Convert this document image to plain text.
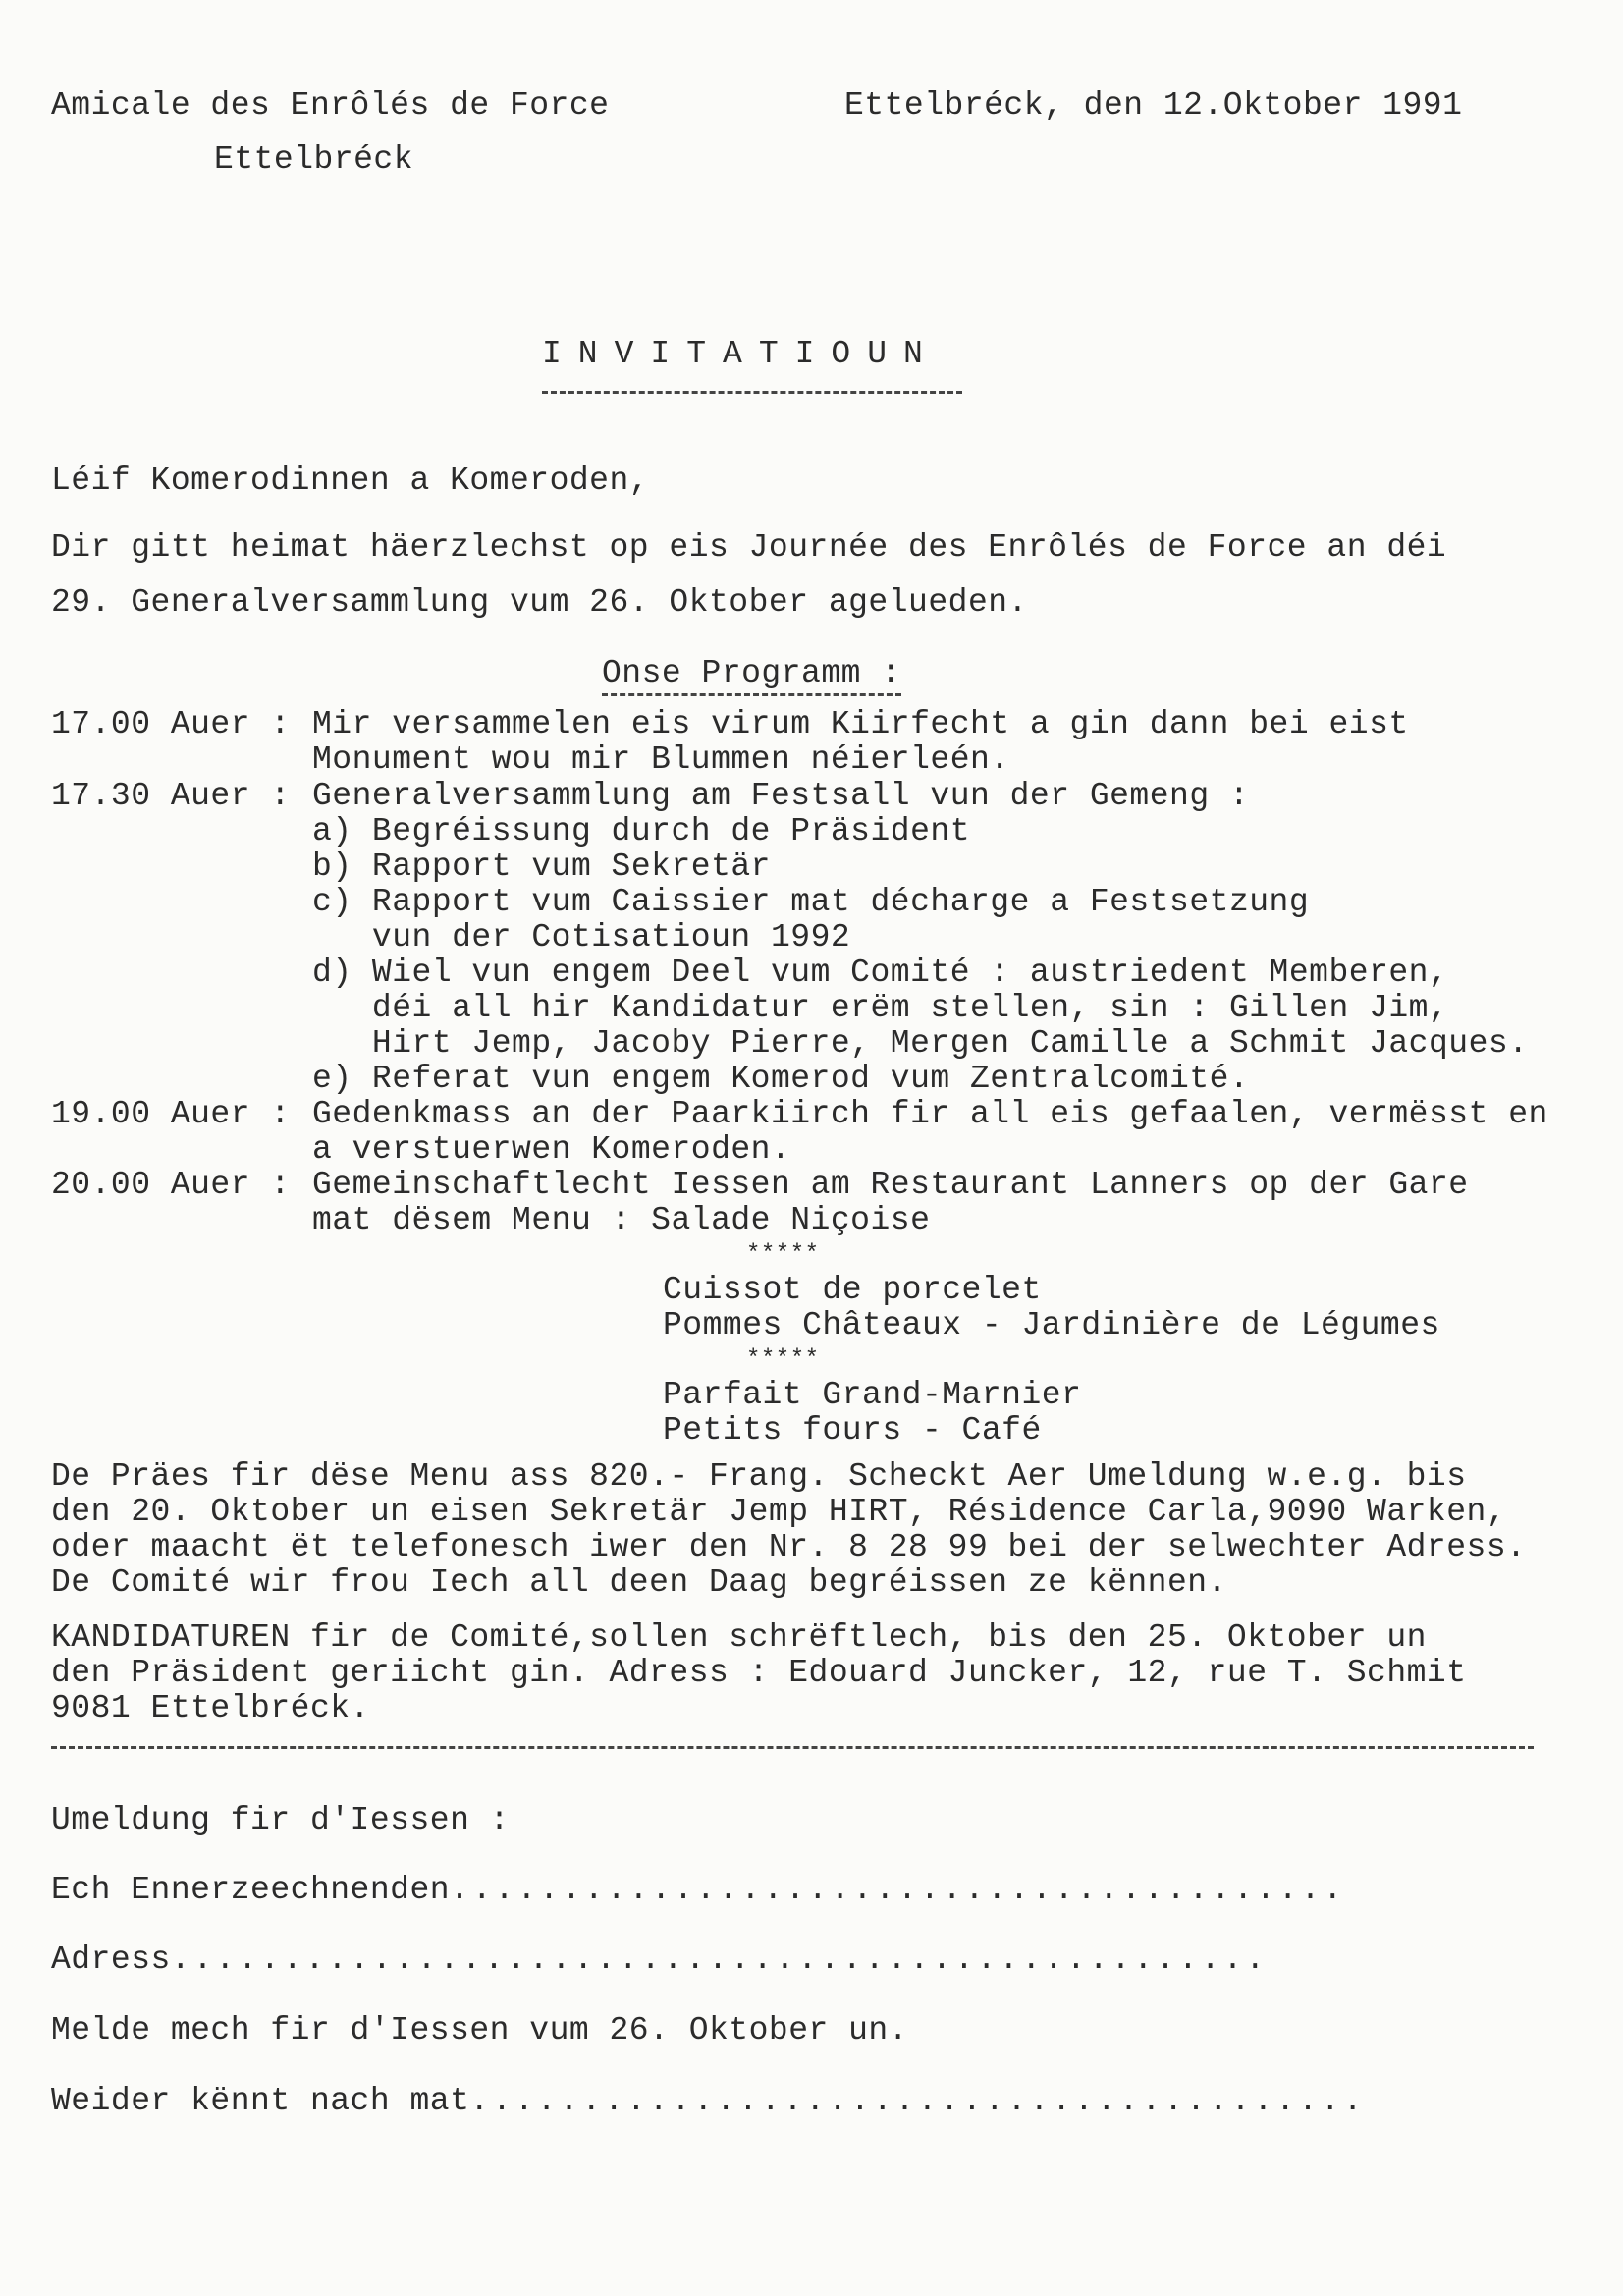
Amicale des Enrôlés de Force
Ettelbréck
Ettelbréck, den 12.Oktober 1991
INVITATIOUN
Léif Komerodinnen a Komeroden,
Dir gitt heimat häerzlechst op eis Journée des Enrôlés de Force an déi
29. Generalversammlung vum 26. Oktober agelueden.
Onse Programm :
17.00 Auer : Mir versammelen eis virum Kiirfecht a gin dann bei eist
Monument wou mir Blummen néierleén.
17.30 Auer : Generalversammlung am Festsall vun der Gemeng :
a) Begréissung durch de Präsident
b) Rapport vum Sekretär
c) Rapport vum Caissier mat décharge a Festsetzung
vun der Cotisatioun 1992
d) Wiel vun engem Deel vum Comité : austriedent Memberen,
déi all hir Kandidatur erëm stellen, sin : Gillen Jim,
Hirt Jemp, Jacoby Pierre, Mergen Camille a Schmit Jacques.
e) Referat vun engem Komerod vum Zentralcomité.
19.00 Auer : Gedenkmass an der Paarkiirch fir all eis gefaalen, vermësst en
a verstuerwen Komeroden.
20.00 Auer : Gemeinschaftlecht Iessen am Restaurant Lanners op der Gare
mat dësem Menu : Salade Niçoise
*****
Cuissot de porcelet
Pommes Châteaux - Jardinière de Légumes
*****
Parfait Grand-Marnier
Petits fours - Café
De Präes fir dëse Menu ass 820.- Frang. Scheckt Aer Umeldung w.e.g. bis
den 20. Oktober un eisen Sekretär Jemp HIRT, Résidence Carla,9090 Warken,
oder maacht ët telefonesch iwer den Nr. 8 28 99 bei der selwechter Adress.
De Comité wir frou Iech all deen Daag begréissen ze kënnen.
KANDIDATUREN fir de Comité,sollen schrëftlech, bis den 25. Oktober un
den Präsident geriicht gin. Adress : Edouard Juncker, 12, rue T. Schmit
9081 Ettelbréck.
Umeldung fir d'Iessen :
Ech Ennerzeechnenden........................................
Adress.................................................
Melde mech fir d'Iessen vum 26. Oktober un.
Weider kënnt nach mat........................................
